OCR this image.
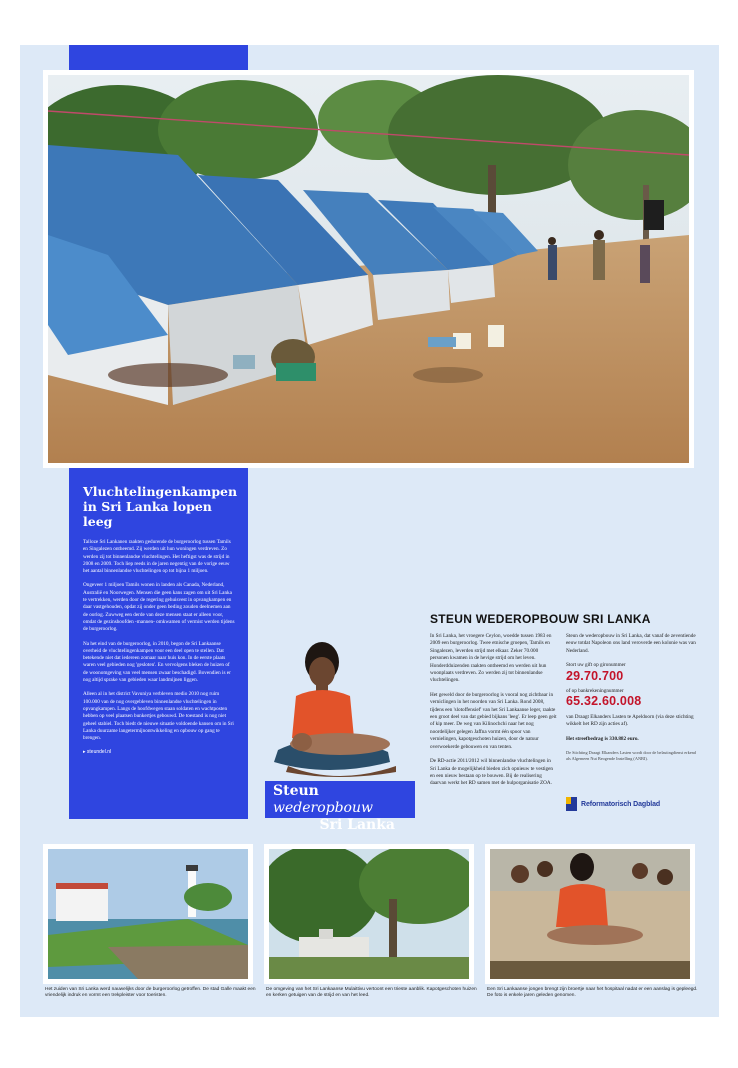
Vluchtelingenkampen in Sri Lanka lopen leeg

Talloze Sri Lankanen raakten gedurende de burgeroorlog tussen Tamils en Singalezen ontheemd. Zij werden uit hun woningen verdreven. Zo werden zij tot binnenlandse vluchtelingen. Het heftigst was de strijd in 2008 en 2009. Toch liep reeds in de jaren negentig van de vorige eeuw het aantal binnenlandse vluchtelingen op tot bijna 1 miljoen.

Ongeveer 1 miljoen Tamils wonen in landen als Canada, Nederland, Australië en Noorwegen. Mensen die geen kans zagen om uit Sri Lanka te vertrekken, werden door de regering gehuisvest in opvangkampen en daar vastgehouden, opdat zij onder geen beding zouden deelnemen aan de oorlog. Zuwweg een derde van deze mensen staat er alleen voor, omdat de gezinshoofden -mannen- omkwamen of vermist werden tijdens de burgeroorlog.

Na het eind van de burgeroorlog, in 2010, begon de Sri Lankaanse overheid de vluchtelingenkampen voor een deel open te stellen. Dat betekende niet dat iedereen zomaar naar huis kon. In de eerste plaats waren veel gebieden nog 'gesloten'. En vervolgens bleken de huizen of de woonomgeving van veel mensen zwaar beschadigd. Bovendien is er nog altijd sprake van gebieden waar landmijnen liggen.

Alleen al in het district Vavuniya verbleven medio 2010 nog ruim 100.000 van de nog overgebleven binnenlandse vluchtelingen in opvangkampen. Langs de hoofdwegen staan soldaten en wachtposten hebben op veel plaatsen bunkertjes gebouwd. De toestand is nog niet geheel stabiel. Toch biedt de nieuwe situatie voldoende kansen om in Sri Lanka duurzame langetermijnontwikkeling en opbouw op gang te brengen.

▸ steundel.nl
Steun wederopbouw
Sri Lanka
STEUN WEDEROPBOUW SRI LANKA

In Sri Lanka, het vroegere Ceylon, woedde tussen 1983 en 2009 een burgeroorlog. Twee etnische groepen, Tamils en Singalezen, leverden strijd met elkaar. Zeker 70.000 personen kwamen in de hevige strijd om het leven. Honderdduizenden raakten ontheemd en werden uit hun woonplaats verdreven. Zo werden zij tot binnenlandse vluchtelingen.

Het geweld door de burgeroorlog is vooral nog zichtbaar in verniclingen in het noorden van Sri Lanka. Rond 2008, tijdens een 'slotoffensief' van het Sri Lankaanse leger, raakte een groot deel van dat gebied bijkans 'leeg'. Er leep geen geit of kip meer. De weg van Kilinochchi naar het nog noordelijker gelegen Jaffna vormt één spoor van vernielingen, kapotgeschoten huizen, door de natuur overwoekerde gebouwen en van tenten.

De RD-actie 2011/2012 wil binnenlandse vluchtelingen in Sri Lanka de mogelijkheid bieden zich opnieuw te vestigen en een nieuw bestaan op te bouwen. Bij de realisering daarvan werkt het RD samen met de hulporganisatie ZOA.

Steun de wederopbouw in Sri Lanka, dat vanaf de zeventiende eeuw totdat Napoleon ons land veroverde een kolonie was van Nederland.

Stort uw gift op gironummer

29.70.700

of op bankrekeningnummer

65.32.60.008

van Draagt Elkanders Lasten te Apeldoorn (via deze stichting wikkelt het RD zijn acties af).

Het streefbedrag is 330.882 euro.

De Stichting Draagt Elkanders Lasten wordt door de belastingdienst erkend als Algemeen Nut Beogende Instelling (ANBI).

Reformatorisch Dagblad
Het zuiden van Sri Lanka werd nauwelijks door de burgeroorlog getroffen. De stad Galle maakt een vriendelijk indruk en vormt een trekpleister voor toeristen.
De omgeving van het Sri Lankaanse Mulaittivu vertoont een trieste aanblik. Kapotgeschoten huizen en kerken getuigen van de strijd en van het leed.
Een Sri Lankaanse jongen brengt zijn broertje naar het hospitaal nadat er een aanslag is gepleegd. De foto is enkele jaren geleden genomen.
